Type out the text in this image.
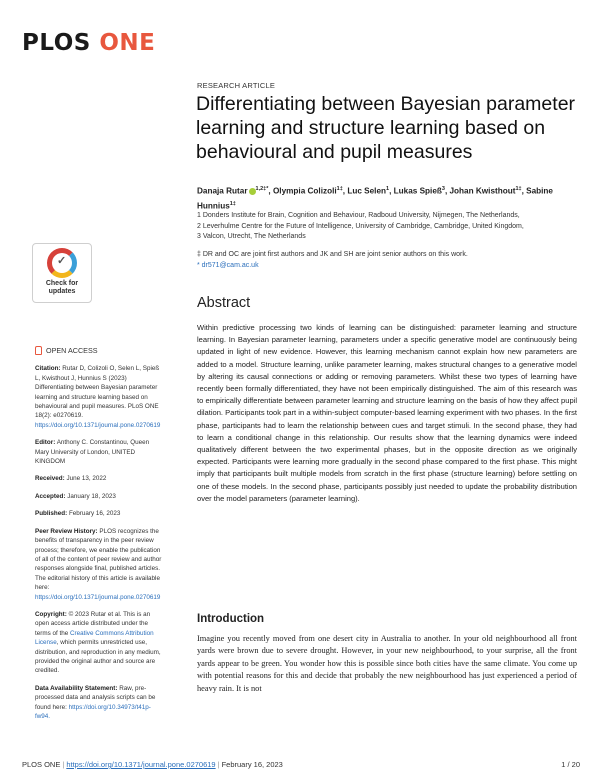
PLOS ONE
RESEARCH ARTICLE
Differentiating between Bayesian parameter learning and structure learning based on behavioural and pupil measures
Danaja Rutar $^{1,2\ddagger*}$, Olympia Colizoli$^{1\ddagger}$, Luc Selen$^1$, Lukas Spieß$^3$, Johan Kwisthout$^{1\ddagger}$, Sabine Hunnius$^{1\ddagger}$
1 Donders Institute for Brain, Cognition and Behaviour, Radboud University, Nijmegen, The Netherlands,
2 Leverhulme Centre for the Future of Intelligence, University of Cambridge, Cambridge, United Kingdom,
3 Valcon, Utrecht, The Netherlands
‡ DR and OC are joint first authors and JK and SH are joint senior authors on this work.
* dr571@cam.ac.uk
✓
Check for
updates
OPEN ACCESS

Citation: Rutar D, Colizoli O, Selen L, Spieß L, Kwisthout J, Hunnius S (2023) Differentiating between Bayesian parameter learning and structure learning based on behavioural and pupil measures. PLoS ONE 18(2): e0270619. https://doi.org/10.1371/journal.pone.0270619

Editor: Anthony C. Constantinou, Queen Mary University of London, UNITED KINGDOM

Received: June 13, 2022

Accepted: January 18, 2023

Published: February 16, 2023

Peer Review History: PLOS recognizes the benefits of transparency in the peer review process; therefore, we enable the publication of all of the content of peer review and author responses alongside final, published articles. The editorial history of this article is available here: https://doi.org/10.1371/journal.pone.0270619

Copyright: © 2023 Rutar et al. This is an open access article distributed under the terms of the Creative Commons Attribution License, which permits unrestricted use, distribution, and reproduction in any medium, provided the original author and source are credited.

Data Availability Statement: Raw, pre-processed data and analysis scripts can be found here: https://doi.org/10.34973/t41p-fw94.

Abstract
Within predictive processing two kinds of learning can be distinguished: parameter learning and structure learning. In Bayesian parameter learning, parameters under a specific generative model are continuously being updated in light of new evidence. However, this learning mechanism cannot explain how new parameters are added to a model. Structure learning, unlike parameter learning, makes structural changes to a generative model by altering its causal connections or adding or removing parameters. Whilst these two types of learning have recently been formally differentiated, they have not been empirically distinguished. The aim of this research was to empirically differentiate between parameter learning and structure learning on the basis of how they affect pupil dilation. Participants took part in a within-subject computer-based learning experiment with two phases. In the first phase, participants had to learn the relationship between cues and target stimuli. In the second phase, they had to learn a conditional change in this relationship. Our results show that the learning dynamics were indeed qualitatively different between the two experimental phases, but in the opposite direction as we originally expected. Participants were learning more gradually in the second phase compared to the first phase. This might imply that participants built multiple models from scratch in the first phase (structure learning) before settling on one of these models. In the second phase, participants possibly just needed to update the probability distribution over the model parameters (parameter learning).
Introduction
Imagine you recently moved from one desert city in Australia to another. In your old neighbourhood all front yards were brown due to severe drought. However, in your new neighbourhood, to your surprise, all the front yards appear to be green. You wonder how this is possible since both cities have the same climate. You come up with potential reasons for this and decide that probably the new neighbourhood has just experienced a period of heavy rain. It is not
PLOS ONE | https://doi.org/10.1371/journal.pone.0270619 | February 16, 2023	1 / 20
